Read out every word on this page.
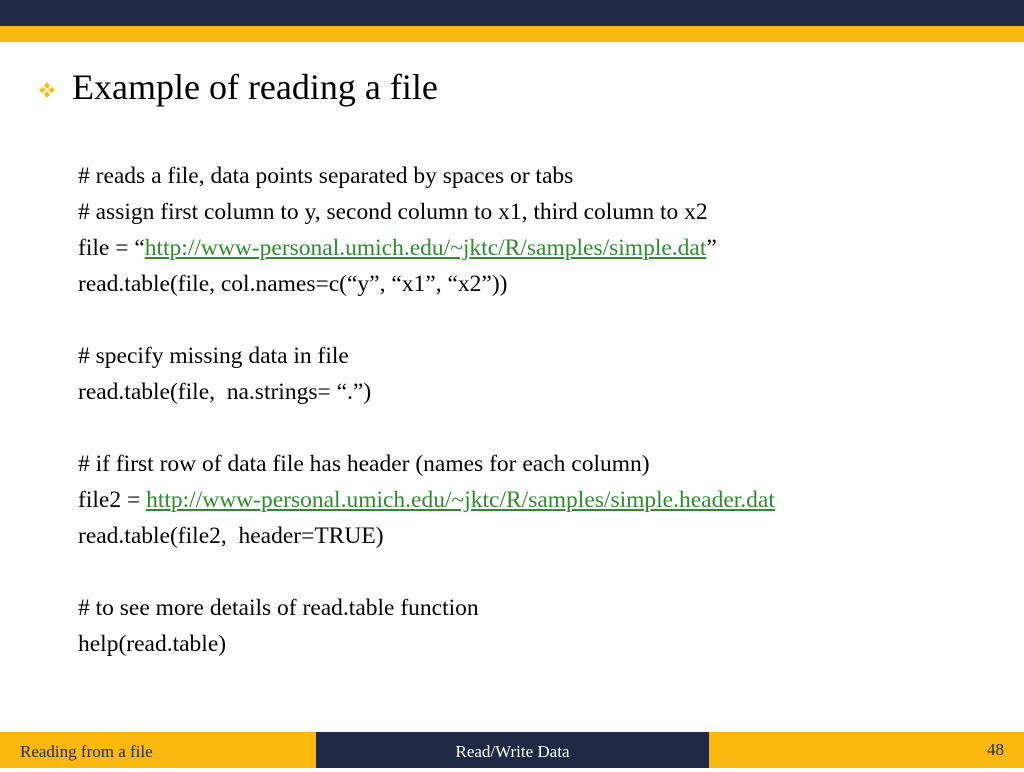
Example of reading a file
# reads a file, data points separated by spaces or tabs
# assign first column to y, second column to x1, third column to x2
file = “http://www-personal.umich.edu/~jktc/R/samples/simple.dat”
read.table(file, col.names=c(“y”, “x1”, “x2”))
# specify missing data in file
read.table(file,  na.strings= “.”)
# if first row of data file has header (names for each column)
file2 = http://www-personal.umich.edu/~jktc/R/samples/simple.header.dat
read.table(file2,  header=TRUE)
# to see more details of read.table function
help(read.table)
Reading from a file	Read/Write Data	48
